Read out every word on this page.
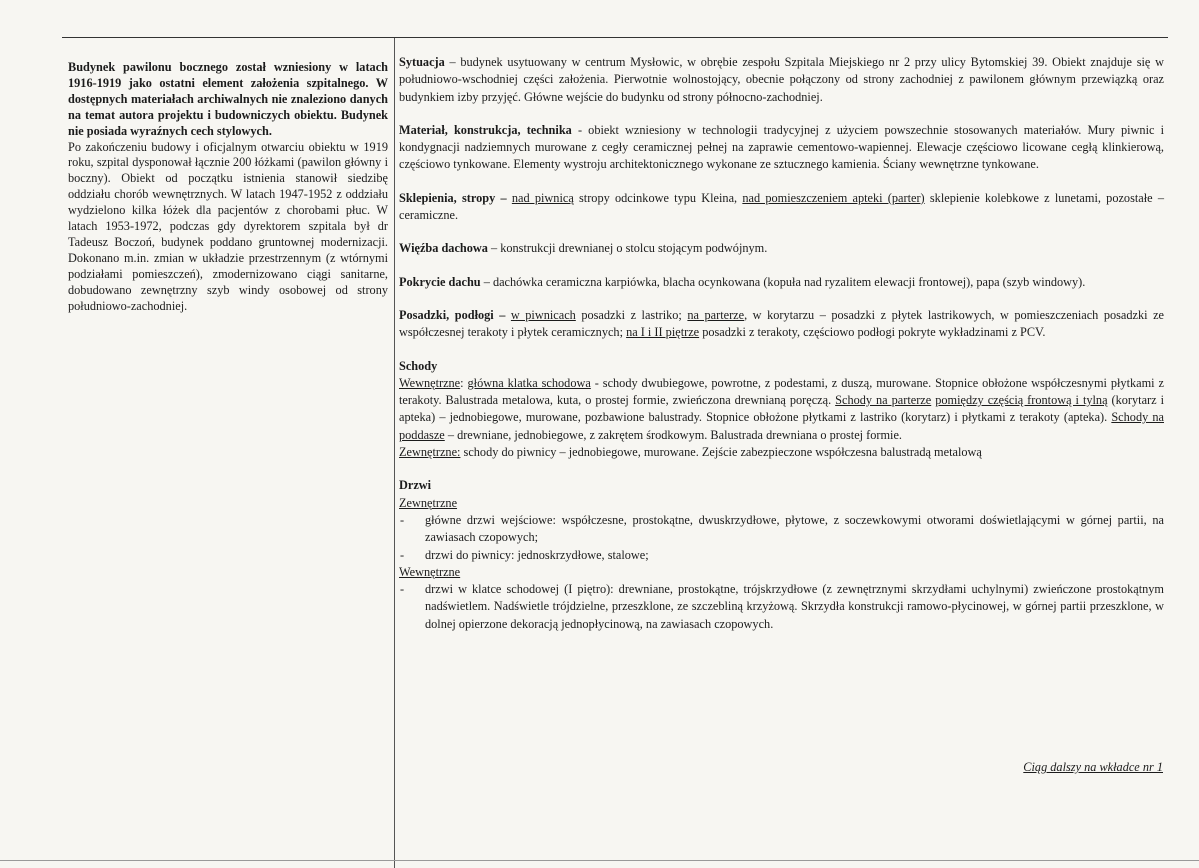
Budynek pawilonu bocznego został wzniesiony w latach 1916-1919 jako ostatni element założenia szpitalnego. W dostępnych materiałach archiwalnych nie znaleziono danych na temat autora projektu i budowniczych obiektu. Budynek nie posiada wyraźnych cech stylowych.

Po zakończeniu budowy i oficjalnym otwarciu obiektu w 1919 roku, szpital dysponował łącznie 200 łóżkami (pawilon główny i boczny). Obiekt od początku istnienia stanowił siedzibę oddziału chorób wewnętrznych. W latach 1947-1952 z oddziału wydzielono kilka łóżek dla pacjentów z chorobami płuc. W latach 1953-1972, podczas gdy dyrektorem szpitala był dr Tadeusz Boczoń, budynek poddano gruntownej modernizacji. Dokonano m.in. zmian w układzie przestrzennym (z wtórnymi podziałami pomieszczeń), zmodernizowano ciągi sanitarne, dobudowano zewnętrzny szyb windy osobowej od strony południowo-zachodniej.

Sytuacja – budynek usytuowany w centrum Mysłowic, w obrębie zespołu Szpitala Miejskiego nr 2 przy ulicy Bytomskiej 39. Obiekt znajduje się w południowo-wschodniej części założenia. Pierwotnie wolnostojący, obecnie połączony od strony zachodniej z pawilonem głównym przewiązką oraz budynkiem izby przyjęć. Główne wejście do budynku od strony północno-zachodniej.
Materiał, konstrukcja, technika - obiekt wzniesiony w technologii tradycyjnej z użyciem powszechnie stosowanych materiałów. Mury piwnic i kondygnacji nadziemnych murowane z cegły ceramicznej pełnej na zaprawie cementowo-wapiennej. Elewacje częściowo licowane cegłą klinkierową, częściowo tynkowane. Elementy wystroju architektonicznego wykonane ze sztucznego kamienia. Ściany wewnętrzne tynkowane.
Sklepienia, stropy – nad piwnicą stropy odcinkowe typu Kleina, nad pomieszczeniem apteki (parter) sklepienie kolebkowe z lunetami, pozostałe – ceramiczne.
Więźba dachowa – konstrukcji drewnianej o stolcu stojącym podwójnym.
Pokrycie dachu – dachówka ceramiczna karpiówka, blacha ocynkowana (kopuła nad ryzalitem elewacji frontowej), papa (szyb windowy).
Posadzki, podłogi – w piwnicach posadzki z lastriko; na parterze, w korytarzu – posadzki z płytek lastrikowych, w pomieszczeniach posadzki ze współczesnej terakoty i płytek ceramicznych; na I i II piętrze posadzki z terakoty, częściowo podłogi pokryte wykładzinami z PCV.

Schody

Wewnętrzne: główna klatka schodowa - schody dwubiegowe, powrotne, z podestami, z duszą, murowane. Stopnice obłożone współczesnymi płytkami z terakoty. Balustrada metalowa, kuta, o prostej formie, zwieńczona drewnianą poręczą. Schody na parterze pomiędzy częścią frontową i tylną (korytarz i apteka) – jednobiegowe, murowane, pozbawione balustrady. Stopnice obłożone płytkami z lastriko (korytarz) i płytkami z terakoty (apteka). Schody na poddasze – drewniane, jednobiegowe, z zakrętem środkowym. Balustrada drewniana o prostej formie.

Zewnętrzne: schody do piwnicy – jednobiegowe, murowane. Zejście zabezpieczone współczesna balustradą metalową

Drzwi

Zewnętrzne

- główne drzwi wejściowe: współczesne, prostokątne, dwuskrzydłowe, płytowe, z soczewkowymi otworami doświetlającymi w górnej partii, na zawiasach czopowych;
- drzwi do piwnicy: jednoskrzydłowe, stalowe;

Wewnętrzne

- drzwi w klatce schodowej (I piętro): drewniane, prostokątne, trójskrzydłowe (z zewnętrznymi skrzydłami uchylnymi) zwieńczone prostokątnym nadświetlem. Nadświetle trójdzielne, przeszklone, ze szczebliną krzyżową. Skrzydła konstrukcji ramowo-płycinowej, w górnej partii przeszklone, w dolnej opierzone dekoracją jednopłycinową, na zawiasach czopowych.
Ciąg dalszy na wkładce nr 1
